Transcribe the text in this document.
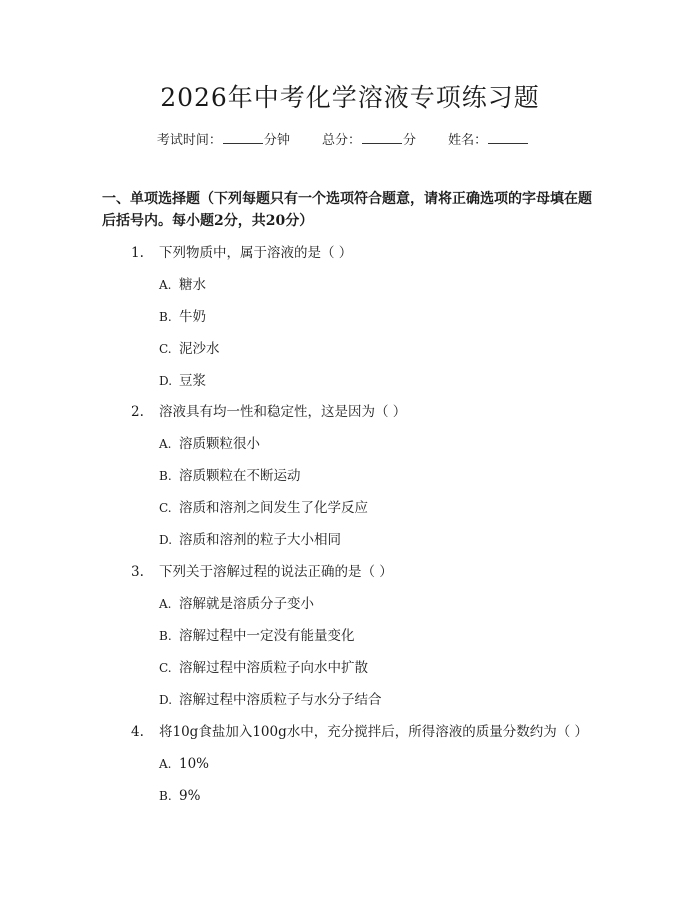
2026年中考化学溶液专项练习题
考试时间：	分钟 总分：	分 姓名：

一、单项选择题（下列每题只有一个选项符合题意，请将正确选项的字母填在题后括号内。每小题2分，共20分）

1. 下列物质中，属于溶液的是（ ）
A. 糖水
B. 牛奶
C. 泥沙水
D. 豆浆
2. 溶液具有均一性和稳定性，这是因为（ ）
A. 溶质颗粒很小
B. 溶质颗粒在不断运动
C. 溶质和溶剂之间发生了化学反应
D. 溶质和溶剂的粒子大小相同
3. 下列关于溶解过程的说法正确的是（ ）
A. 溶解就是溶质分子变小
B. 溶解过程中一定没有能量变化
C. 溶解过程中溶质粒子向水中扩散
D. 溶解过程中溶质粒子与水分子结合
4. 将10g食盐加入100g水中，充分搅拌后，所得溶液的质量分数约为（ ）
A. 10%
B. 9%
